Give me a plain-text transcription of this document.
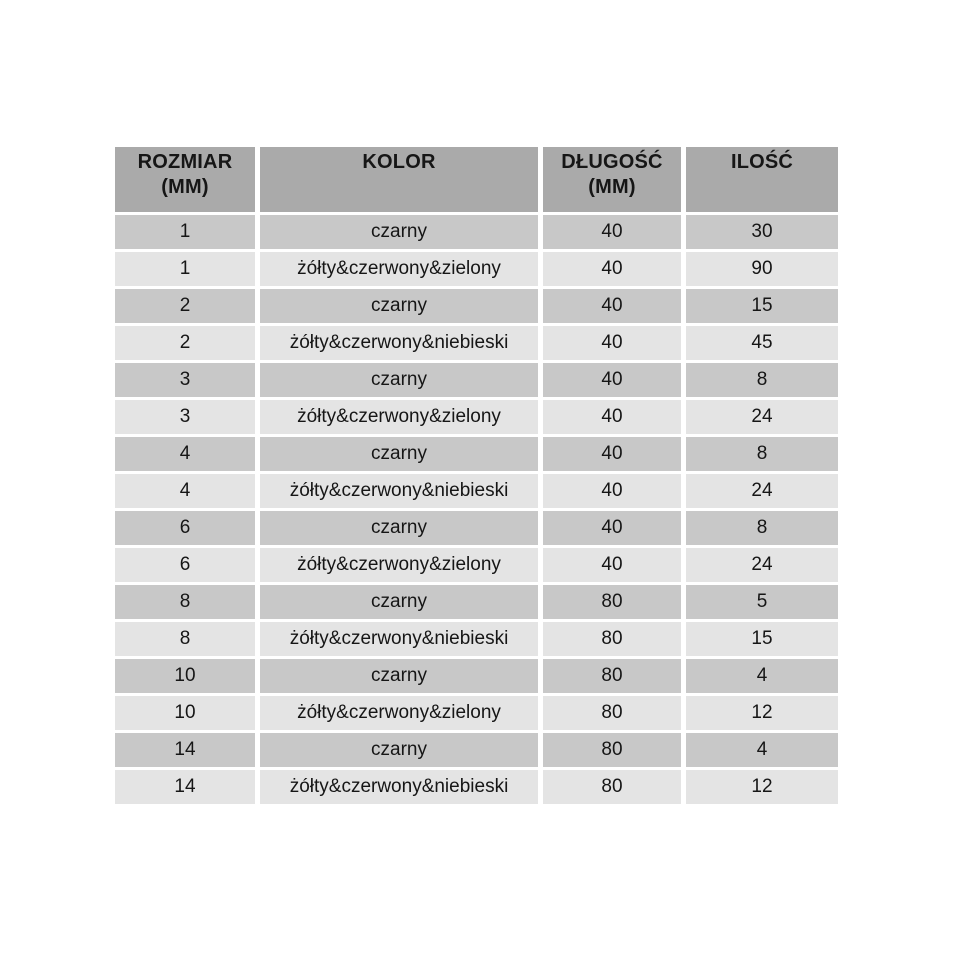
ROZMIAR (MM)	KOLOR	DŁUGOŚĆ (MM)	ILOŚĆ
1	czarny	40	30
1	żółty&czerwony&zielony	40	90
2	czarny	40	15
2	żółty&czerwony&niebieski	40	45
3	czarny	40	8
3	żółty&czerwony&zielony	40	24
4	czarny	40	8
4	żółty&czerwony&niebieski	40	24
6	czarny	40	8
6	żółty&czerwony&zielony	40	24
8	czarny	80	5
8	żółty&czerwony&niebieski	80	15
10	czarny	80	4
10	żółty&czerwony&zielony	80	12
14	czarny	80	4
14	żółty&czerwony&niebieski	80	12
